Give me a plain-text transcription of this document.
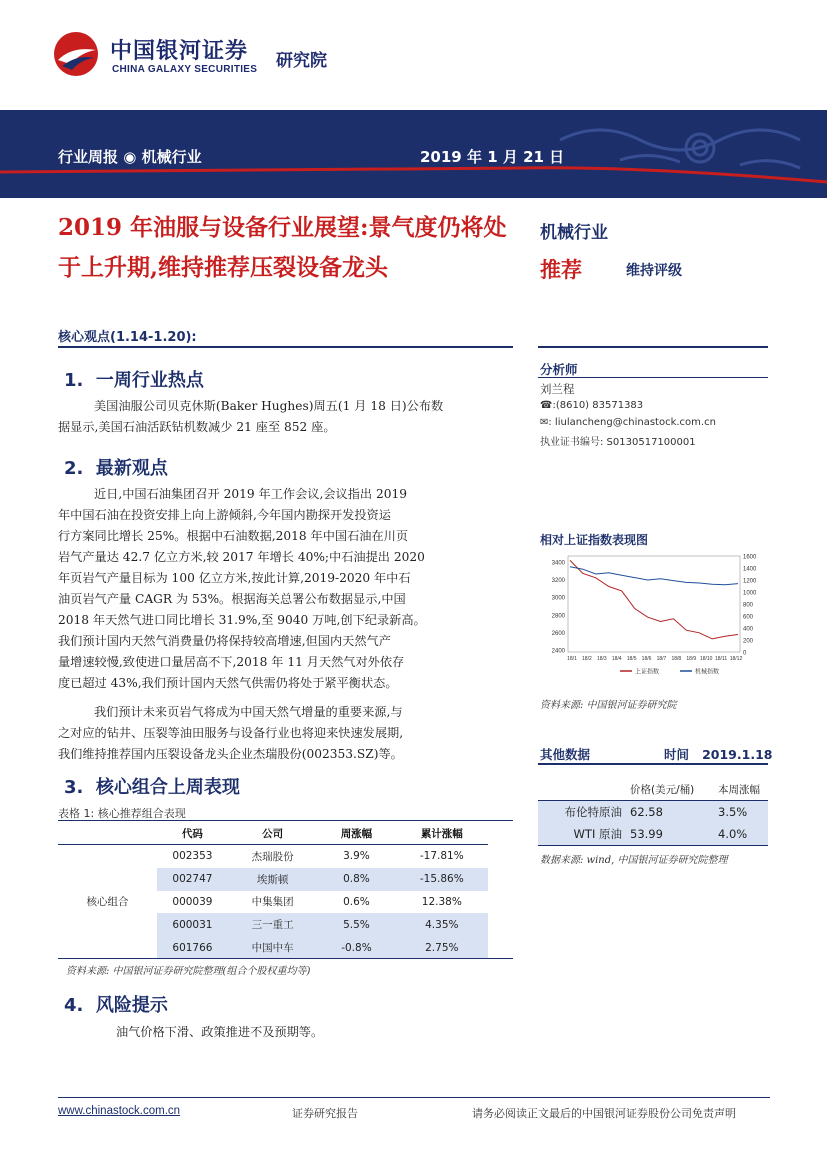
中国银河证券
CHINA GALAXY SECURITIES 研究院
行业周报 ◉ 机械行业	2019 年 1 月 21 日
2019 年油服与设备行业展望:景气度仍将处于上升期,维持推荐压裂设备龙头
核心观点(1.14-1.20):
机械行业
推荐	维持评级
1. 一周行业热点
美国油服公司贝克休斯(Baker Hughes)周五(1 月 18 日)公布数
据显示,美国石油活跃钻机数减少 21 座至 852 座。
2. 最新观点
近日,中国石油集团召开 2019 年工作会议,会议指出 2019
年中国石油在投资安排上向上游倾斜,今年国内勘探开发投资运
行方案同比增长 25%。根据中石油数据,2018 年中国石油在川页
岩气产量达 42.7 亿立方米,较 2017 年增长 40%;中石油提出 2020
年页岩气产量目标为 100 亿立方米,按此计算,2019-2020 年中石
油页岩气产量 CAGR 为 53%。根据海关总署公布数据显示,中国
2018 年天然气进口同比增长 31.9%,至 9040 万吨,创下纪录新高。
我们预计国内天然气消费量仍将保持较高增速,但国内天然气产
量增速较慢,致使进口量居高不下,2018 年 11 月天然气对外依存
度已超过 43%,我们预计国内天然气供需仍将处于紧平衡状态。
我们预计未来页岩气将成为中国天然气增量的重要来源,与
之对应的钻井、压裂等油田服务与设备行业也将迎来快速发展期,
我们维持推荐国内压裂设备龙头企业杰瑞股份(002353.SZ)等。
3. 核心组合上周表现
表格 1: 核心推荐组合表现
	代码	公司	周涨幅	累计涨幅
核心组合	002353	杰瑞股份	3.9%	-17.81%
	002747	埃斯顿	0.8%	-15.86%
	000039	中集集团	0.6%	12.38%
	600031	三一重工	5.5%	4.35%
	601766	中国中车	-0.8%	2.75%
资料来源: 中国银河证券研究院整理(组合个股权重均等)
4. 风险提示
油气价格下滑、政策推进不及预期等。
分析师
刘兰程
☎:(8610) 83571383
✉: liulancheng@chinastock.com.cn
执业证书编号: S0130517100001
相对上证指数表现图
3400
3200
3000
2800
2600
2400
1600
1400
1200
1000
800
600
400
200
0
18/1 18/2 18/3 18/4 18/5 18/6 18/7 18/8 18/9 18/10 18/11 18/12
上证指数	机械指数
资料来源: 中国银河证券研究院
其他数据	时间 2019.1.18
	价格(美元/桶)	本周涨幅
布伦特原油	62.58	3.5%
WTI 原油	53.99	4.0%
数据来源: wind, 中国银河证券研究院整理
www.chinastock.com.cn	证券研究报告	请务必阅读正文最后的中国银河证券股份公司免责声明
